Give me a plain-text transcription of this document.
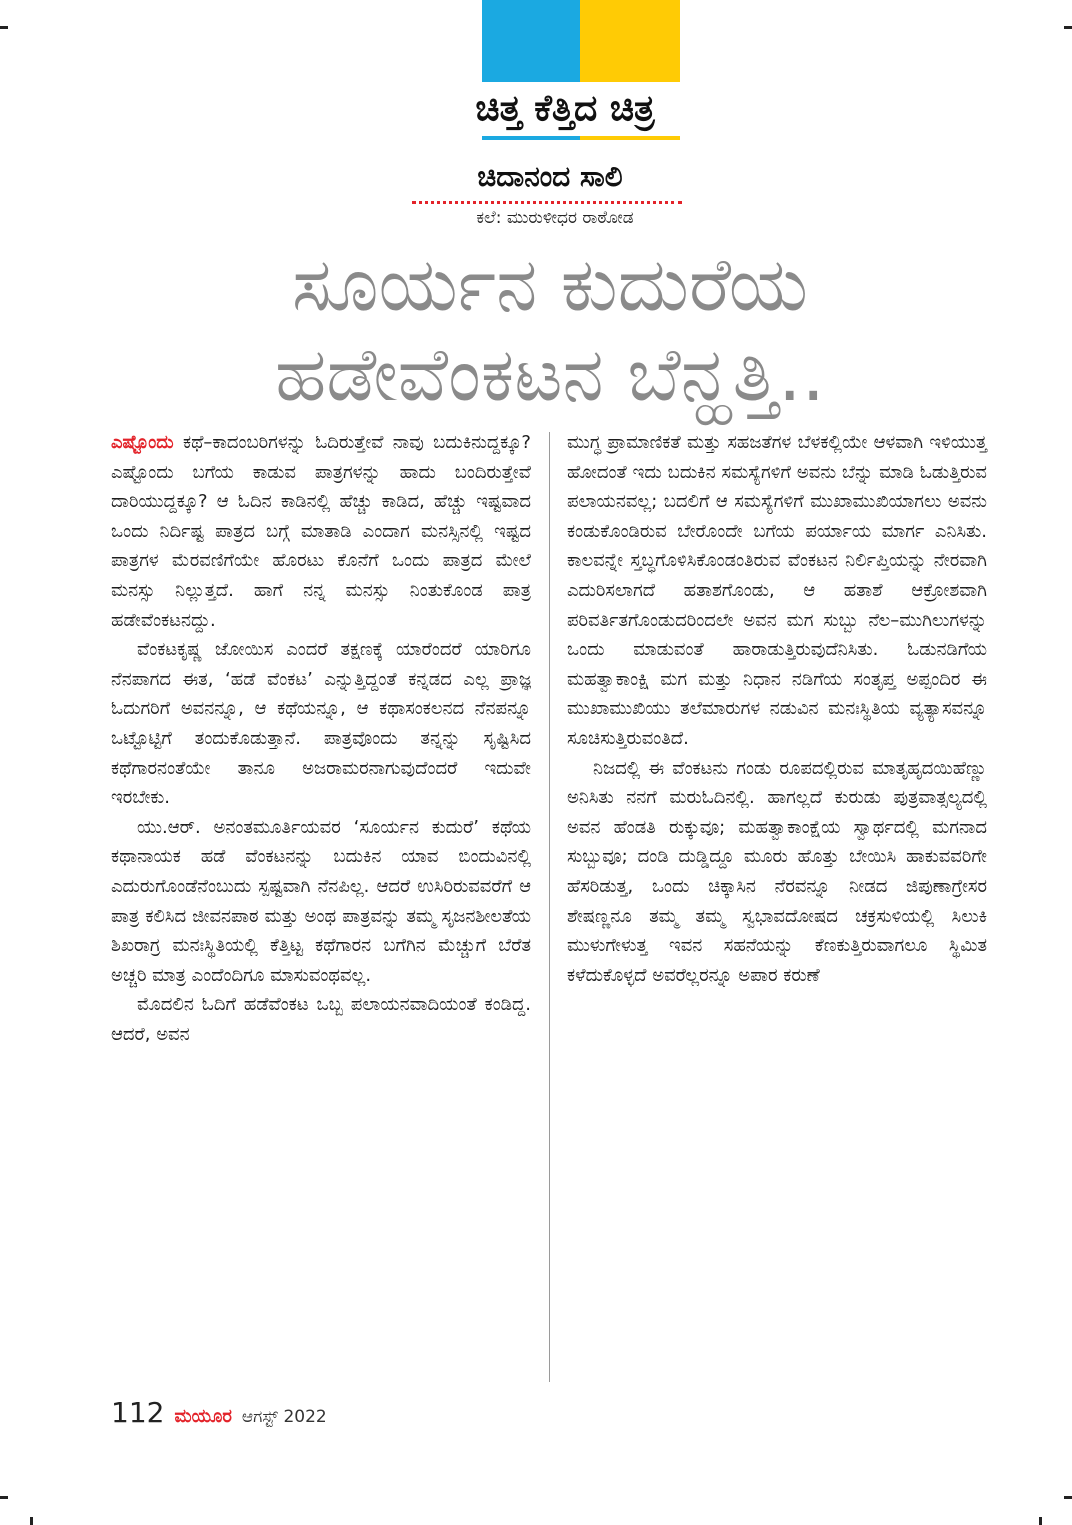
ಚಿತ್ತ ಕೆತ್ತಿದ ಚಿತ್ರ
ಚಿದಾನಂದ ಸಾಲಿ
ಕಲೆ: ಮುರುಳೀಧರ ರಾಠೋಡ
ಸೂರ್ಯನ ಕುದುರೆಯ
ಹಡೇವೆಂಕಟನ ಬೆನ್ಹತ್ತಿ..

ಎಷ್ಟೊಂದು ಕಥೆ–ಕಾದಂಬರಿಗಳನ್ನು ಓದಿರುತ್ತೇವೆ ನಾವು ಬದುಕಿನುದ್ದಕ್ಕೂ? ಎಷ್ಟೊಂದು ಬಗೆಯ ಕಾಡುವ ಪಾತ್ರಗಳನ್ನು ಹಾದು ಬಂದಿರುತ್ತೇವೆ ದಾರಿಯುದ್ದಕ್ಕೂ? ಆ ಓದಿನ ಕಾಡಿನಲ್ಲಿ ಹೆಚ್ಚು ಕಾಡಿದ, ಹೆಚ್ಚು ಇಷ್ಟವಾದ ಒಂದು ನಿರ್ದಿಷ್ಟ ಪಾತ್ರದ ಬಗ್ಗೆ ಮಾತಾಡಿ ಎಂದಾಗ ಮನಸ್ಸಿನಲ್ಲಿ ಇಷ್ಟದ ಪಾತ್ರಗಳ ಮೆರವಣಿಗೆಯೇ ಹೊರಟು ಕೊನೆಗೆ ಒಂದು ಪಾತ್ರದ ಮೇಲೆ ಮನಸ್ಸು ನಿಲ್ಲುತ್ತದೆ. ಹಾಗೆ ನನ್ನ ಮನಸ್ಸು ನಿಂತುಕೊಂಡ ಪಾತ್ರ ಹಡೇವೆಂಕಟನದ್ದು.

ವೆಂಕಟಕೃಷ್ಣ ಜೋಯಿಸ ಎಂದರೆ ತಕ್ಷಣಕ್ಕೆ ಯಾರೆಂದರೆ ಯಾರಿಗೂ ನೆನಪಾಗದ ಈತ, ‘ಹಡೆ ವೆಂಕಟ’ ಎನ್ನುತ್ತಿದ್ದಂತೆ ಕನ್ನಡದ ಎಲ್ಲ ಪ್ರಾಜ್ಞ ಓದುಗರಿಗೆ ಅವನನ್ನೂ, ಆ ಕಥೆಯನ್ನೂ, ಆ ಕಥಾಸಂಕಲನದ ನೆನಪನ್ನೂ ಒಟ್ಟೊಟ್ಟಿಗೆ ತಂದುಕೊಡುತ್ತಾನೆ. ಪಾತ್ರವೊಂದು ತನ್ನನ್ನು ಸೃಷ್ಟಿಸಿದ ಕಥೆಗಾರನಂತೆಯೇ ತಾನೂ ಅಜರಾಮರನಾಗುವುದೆಂದರೆ ಇದುವೇ ಇರಬೇಕು.

ಯು.ಆರ್. ಅನಂತಮೂರ್ತಿಯವರ ‘ಸೂರ್ಯನ ಕುದುರೆ’ ಕಥೆಯ ಕಥಾನಾಯಕ ಹಡೆ ವೆಂಕಟನನ್ನು ಬದುಕಿನ ಯಾವ ಬಿಂದುವಿನಲ್ಲಿ ಎದುರುಗೊಂಡೆನೆಂಬುದು ಸ್ಪಷ್ಟವಾಗಿ ನೆನಪಿಲ್ಲ. ಆದರೆ ಉಸಿರಿರುವವರೆಗೆ ಆ ಪಾತ್ರ ಕಲಿಸಿದ ಜೀವನಪಾಠ ಮತ್ತು ಅಂಥ ಪಾತ್ರವನ್ನು ತಮ್ಮ ಸೃಜನಶೀಲತೆಯ ಶಿಖರಾಗ್ರ ಮನಃಸ್ಥಿತಿಯಲ್ಲಿ ಕೆತ್ತಿಟ್ಟ ಕಥೆಗಾರನ ಬಗೆಗಿನ ಮೆಚ್ಚುಗೆ ಬೆರೆತ ಅಚ್ಚರಿ ಮಾತ್ರ ಎಂದೆಂದಿಗೂ ಮಾಸುವಂಥವಲ್ಲ.

ಮೊದಲಿನ ಓದಿಗೆ ಹಡೆವೆಂಕಟ ಒಬ್ಬ ಪಲಾಯನವಾದಿಯಂತೆ ಕಂಡಿದ್ದ. ಆದರೆ, ಅವನ

ಮುಗ್ಧ ಪ್ರಾಮಾಣಿಕತೆ ಮತ್ತು ಸಹಜತೆಗಳ ಬೆಳಕಲ್ಲಿಯೇ ಆಳವಾಗಿ ಇಳಿಯುತ್ತ ಹೋದಂತೆ ಇದು ಬದುಕಿನ ಸಮಸ್ಯೆಗಳಿಗೆ ಅವನು ಬೆನ್ನು ಮಾಡಿ ಓಡುತ್ತಿರುವ ಪಲಾಯನವಲ್ಲ; ಬದಲಿಗೆ ಆ ಸಮಸ್ಯೆಗಳಿಗೆ ಮುಖಾಮುಖಿಯಾಗಲು ಅವನು ಕಂಡುಕೊಂಡಿರುವ ಬೇರೊಂದೇ ಬಗೆಯ ಪರ್ಯಾಯ ಮಾರ್ಗ ಎನಿಸಿತು. ಕಾಲವನ್ನೇ ಸ್ತಬ್ಧಗೊಳಿಸಿಕೊಂಡಂತಿರುವ ವೆಂಕಟನ ನಿರ್ಲಿಪ್ತಿಯನ್ನು ನೇರವಾಗಿ ಎದುರಿಸಲಾಗದೆ ಹತಾಶಗೊಂಡು, ಆ ಹತಾಶೆ ಆಕ್ರೋಶವಾಗಿ ಪರಿವರ್ತಿತಗೊಂಡುದರಿಂದಲೇ ಅವನ ಮಗ ಸುಬ್ಬು ನೆಲ–ಮುಗಿಲುಗಳನ್ನು ಒಂದು ಮಾಡುವಂತೆ ಹಾರಾಡುತ್ತಿರುವುದೆನಿಸಿತು. ಓಡುನಡಿಗೆಯ ಮಹತ್ವಾಕಾಂಕ್ಷಿ ಮಗ ಮತ್ತು ನಿಧಾನ ನಡಿಗೆಯ ಸಂತೃಪ್ತ ಅಪ್ಪಂದಿರ ಈ ಮುಖಾಮುಖಿಯು ತಲೆಮಾರುಗಳ ನಡುವಿನ ಮನಃಸ್ಥಿತಿಯ ವ್ಯತ್ಯಾಸವನ್ನೂ ಸೂಚಿಸುತ್ತಿರುವಂತಿದೆ.

ನಿಜದಲ್ಲಿ ಈ ವೆಂಕಟನು ಗಂಡು ರೂಪದಲ್ಲಿರುವ ಮಾತೃಹೃದಯಿಹೆಣ್ಣು ಅನಿಸಿತು ನನಗೆ ಮರುಓದಿನಲ್ಲಿ. ಹಾಗಲ್ಲದೆ ಕುರುಡು ಪುತ್ರವಾತ್ಸಲ್ಯದಲ್ಲಿ ಅವನ ಹೆಂಡತಿ ರುಕ್ಕುವೂ; ಮಹತ್ವಾಕಾಂಕ್ಷೆಯ ಸ್ವಾರ್ಥದಲ್ಲಿ ಮಗನಾದ ಸುಬ್ಬುವೂ; ದಂಡಿ ದುಡ್ಡಿದ್ದೂ ಮೂರು ಹೊತ್ತು ಬೇಯಿಸಿ ಹಾಕುವವರಿಗೇ ಹೆಸರಿಡುತ್ತ, ಒಂದು ಚಿಕ್ಕಾಸಿನ ನೆರವನ್ನೂ ನೀಡದ ಜಿಪುಣಾಗ್ರೇಸರ ಶೇಷಣ್ಣನೂ ತಮ್ಮ ತಮ್ಮ ಸ್ವಭಾವದೋಷದ ಚಕ್ರಸುಳಿಯಲ್ಲಿ ಸಿಲುಕಿ ಮುಳುಗೇಳುತ್ತ ಇವನ ಸಹನೆಯನ್ನು ಕೆಣಕುತ್ತಿರುವಾಗಲೂ ಸ್ಥಿಮಿತ ಕಳೆದುಕೊಳ್ಳದೆ ಅವರೆಲ್ಲರನ್ನೂ ಅಪಾರ ಕರುಣೆ

112 ಮಯೂರ ಆಗಸ್ಟ್ 2022
